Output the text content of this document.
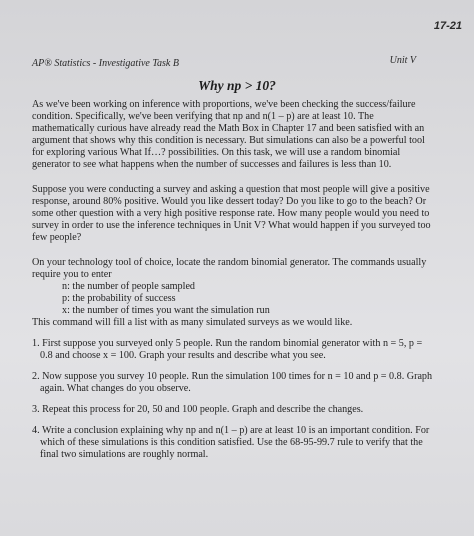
17-21
AP® Statistics - Investigative Task B	Unit V
Why np > 10?

As we've been working on inference with proportions, we've been checking the success/failure
condition. Specifically, we've been verifying that np and n(1 – p) are at least 10. The
mathematically curious have already read the Math Box in Chapter 17 and been satisfied with an
argument that shows why this condition is necessary. But simulations can also be a powerful tool
for exploring various What If…? possibilities. On this task, we will use a random binomial
generator to see what happens when the number of successes and failures is less than 10.

Suppose you were conducting a survey and asking a question that most people will give a positive
response, around 80% positive. Would you like dessert today? Do you like to go to the beach? Or
some other question with a very high positive response rate. How many people would you need to
survey in order to use the inference techniques in Unit V? What would happen if you surveyed too
few people?

On your technology tool of choice, locate the random binomial generator. The commands usually
require you to enter

n: the number of people sampled
p: the probability of success
x: the number of times you want the simulation run

This command will fill a list with as many simulated surveys as we would like.

1. First suppose you surveyed only 5 people. Run the random binomial generator with n = 5, p =
0.8 and choose x = 100. Graph your results and describe what you see.
2. Now suppose you survey 10 people. Run the simulation 100 times for n = 10 and p = 0.8. Graph
again. What changes do you observe.
3. Repeat this process for 20, 50 and 100 people. Graph and describe the changes.
4. Write a conclusion explaining why np and n(1 – p) are at least 10 is an important condition. For
which of these simulations is this condition satisfied. Use the 68-95-99.7 rule to verify that the
final two simulations are roughly normal.
